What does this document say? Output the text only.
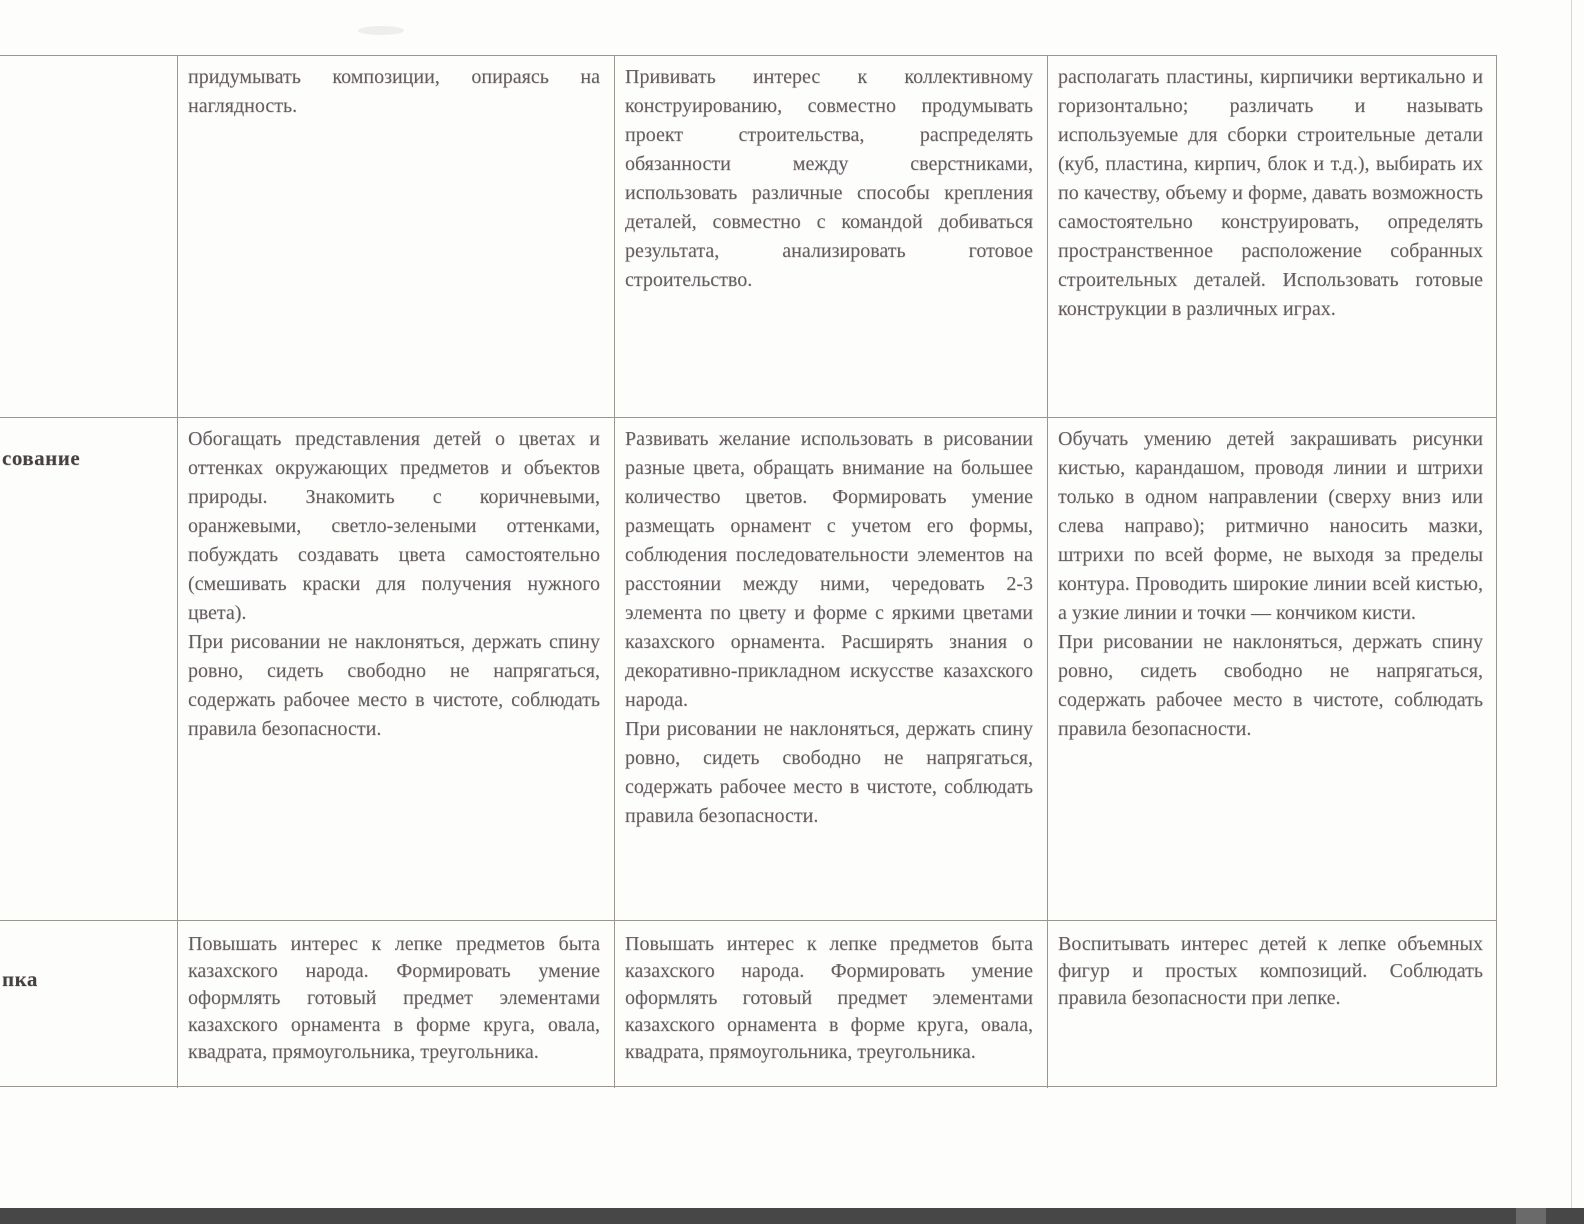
придумывать композиции, опираясь на наглядность.

Прививать интерес к коллективному конструированию, совместно продумывать проект строительства, распределять обязанности между сверстниками, использовать различные способы крепления деталей, совместно с командой добиваться результата, анализировать готовое строительство.

располагать пластины, кирпичики вертикально и горизонтально; различать и называть используемые для сборки строительные детали (куб, пластина, кирпич, блок и т.д.), выбирать их по качеству, объему и форме, давать возможность самостоятельно конструировать, определять пространственное расположение собранных строительных деталей. Использовать готовые конструкции в различных играх.

сование

Обогащать представления детей о цветах и оттенках окружающих предметов и объектов природы. Знакомить с коричневыми, оранжевыми, светло-зелеными оттенками, побуждать создавать цвета самостоятельно (смешивать краски для получения нужного цвета).

При рисовании не наклоняться, держать спину ровно, сидеть свободно не напрягаться, содержать рабочее место в чистоте, соблюдать правила безопасности.

Развивать желание использовать в рисовании разные цвета, обращать внимание на большее количество цветов. Формировать умение размещать орнамент с учетом его формы, соблюдения последовательности элементов на расстоянии между ними, чередовать 2-3 элемента по цвету и форме с яркими цветами казахского орнамента. Расширять знания о декоративно-прикладном искусстве казахского народа.

При рисовании не наклоняться, держать спину ровно, сидеть свободно не напрягаться, содержать рабочее место в чистоте, соблюдать правила безопасности.

Обучать умению детей закрашивать рисунки кистью, карандашом, проводя линии и штрихи только в одном направлении (сверху вниз или слева направо); ритмично наносить мазки, штрихи по всей форме, не выходя за пределы контура. Проводить широкие линии всей кистью, а узкие линии и точки — кончиком кисти.

При рисовании не наклоняться, держать спину ровно, сидеть свободно не напрягаться, содержать рабочее место в чистоте, соблюдать правила безопасности.

пка

Повышать интерес к лепке предметов быта казахского народа. Формировать умение оформлять готовый предмет элементами казахского орнамента в форме круга, овала, квадрата, прямоугольника, треугольника.

Повышать интерес к лепке предметов быта казахского народа. Формировать умение оформлять готовый предмет элементами казахского орнамента в форме круга, овала, квадрата, прямоугольника, треугольника.

Воспитывать интерес детей к лепке объемных фигур и простых композиций. Соблюдать правила безопасности при лепке.
